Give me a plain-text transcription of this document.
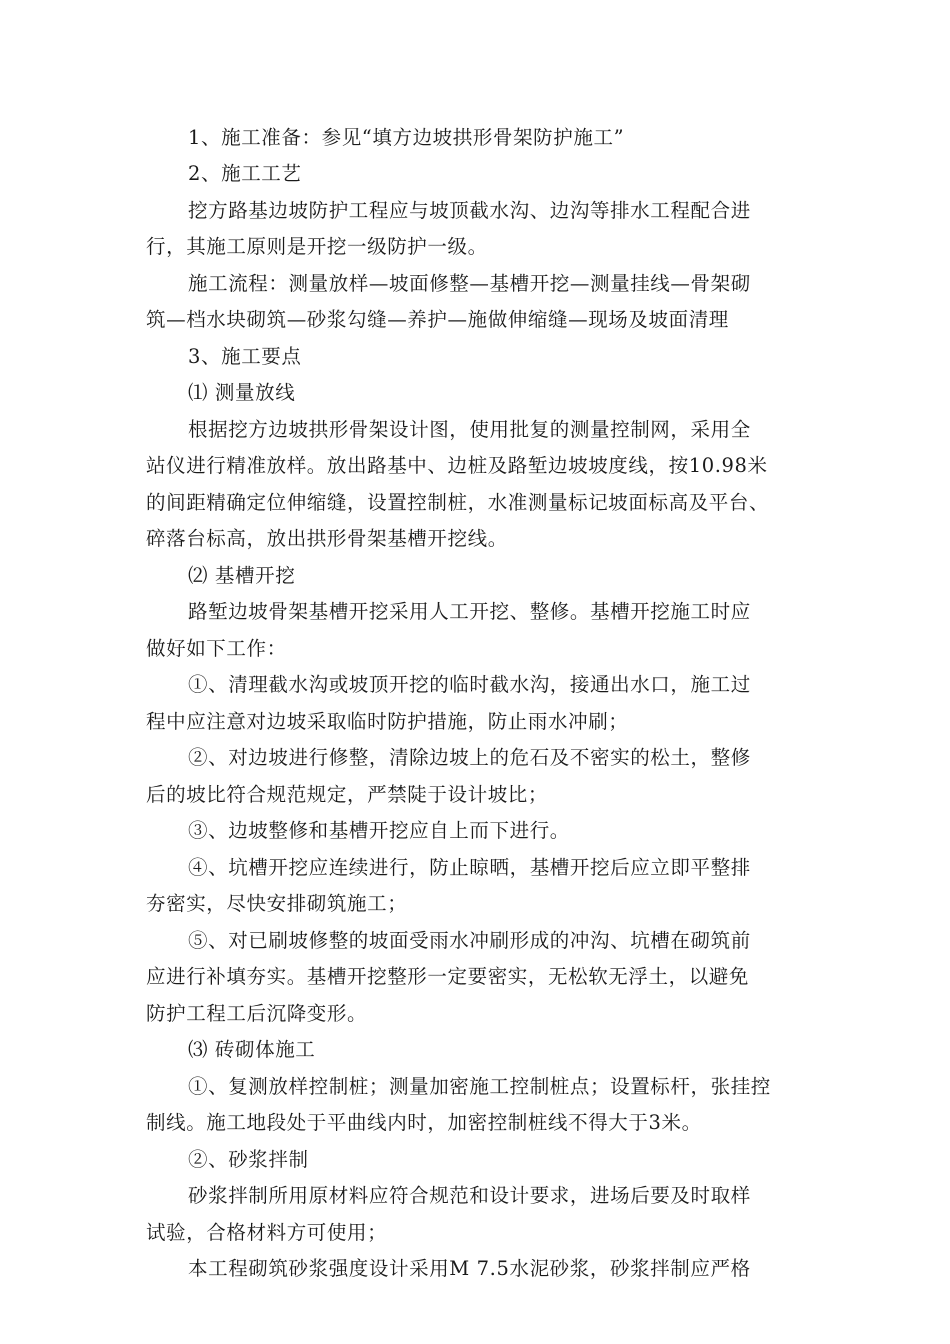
1、施工准备：参见“填方边坡拱形骨架防护施工”
2、施工工艺
挖方路基边坡防护工程应与坡顶截水沟、边沟等排水工程配合进
行，其施工原则是开挖一级防护一级。
施工流程：测量放样—坡面修整—基槽开挖—测量挂线—骨架砌
筑—档水块砌筑—砂浆勾缝—养护—施做伸缩缝—现场及坡面清理
3、施工要点
⑴ 测量放线
根据挖方边坡拱形骨架设计图，使用批复的测量控制网，采用全
站仪进行精准放样。放出路基中、边桩及路堑边坡坡度线，按10.98米
的间距精确定位伸缩缝，设置控制桩，水准测量标记坡面标高及平台、
碎落台标高，放出拱形骨架基槽开挖线。
⑵ 基槽开挖
路堑边坡骨架基槽开挖采用人工开挖、整修。基槽开挖施工时应
做好如下工作：
①、清理截水沟或坡顶开挖的临时截水沟，接通出水口，施工过
程中应注意对边坡采取临时防护措施，防止雨水冲刷；
②、对边坡进行修整，清除边坡上的危石及不密实的松土，整修
后的坡比符合规范规定，严禁陡于设计坡比；
③、边坡整修和基槽开挖应自上而下进行。
④、坑槽开挖应连续进行，防止晾晒，基槽开挖后应立即平整排
夯密实，尽快安排砌筑施工；
⑤、对已刷坡修整的坡面受雨水冲刷形成的冲沟、坑槽在砌筑前
应进行补填夯实。基槽开挖整形一定要密实，无松软无浮土，以避免
防护工程工后沉降变形。
⑶ 砖砌体施工
①、复测放样控制桩；测量加密施工控制桩点；设置标杆，张挂控
制线。施工地段处于平曲线内时，加密控制桩线不得大于3米。
②、砂浆拌制
砂浆拌制所用原材料应符合规范和设计要求，进场后要及时取样
试验，合格材料方可使用；
本工程砌筑砂浆强度设计采用M 7.5水泥砂浆，砂浆拌制应严格
